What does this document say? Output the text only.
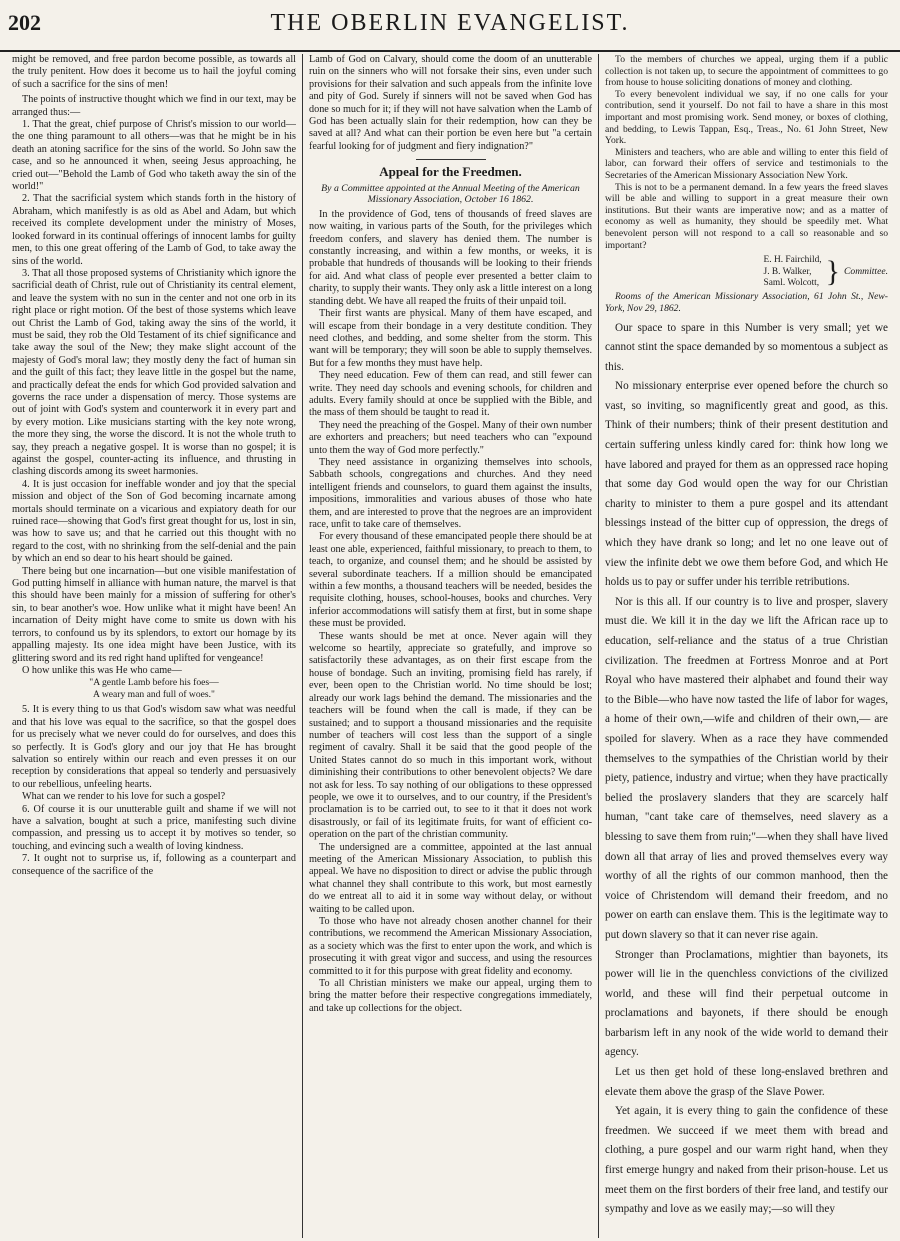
202	THE OBERLIN EVANGELIST.

might be removed, and free pardon become possible, as towards all the truly penitent. How does it become us to hail the joyful coming of such a sacrifice for the sins of men!

The points of instructive thought which we find in our text, may be arranged thus:—

1. That the great, chief purpose of Christ's mission to our world—the one thing paramount to all others—was that he might be in his death an atoning sacrifice for the sins of the world. So John saw the case, and so he announced it when, seeing Jesus approaching, he cried out—"Behold the Lamb of God who taketh away the sin of the world!"

2. That the sacrificial system which stands forth in the history of Abraham, which manifestly is as old as Abel and Adam, but which received its complete development under the ministry of Moses, looked forward in its continual offerings of innocent lambs for guilty men, to this one great offering of the Lamb of God, to take away the sins of the world.

3. That all those proposed systems of Christianity which ignore the sacrificial death of Christ, rule out of Christianity its central element, and leave the system with no sun in the center and not one orb in its right place or right motion. Of the best of those systems which leave out Christ the Lamb of God, taking away the sins of the world, it must be said, they rob the Old Testament of its chief significance and take away the soul of the New; they make slight account of the majesty of God's moral law; they mostly deny the fact of human sin and the guilt of this fact; they leave little in the gospel but the name, and practically defeat the ends for which God provided salvation and governs the race under a dispensation of mercy. Those systems are out of joint with God's system and counterwork it in every part and by every motion. Like musicians starting with the key note wrong, the more they sing, the worse the discord. It is not the whole truth to say, they preach a negative gospel. It is worse than no gospel; it is against the gospel, counter-acting its influence, and thrusting in clashing discords among its sweet harmonies.

4. It is just occasion for ineffable wonder and joy that the special mission and object of the Son of God becoming incarnate among mortals should terminate on a vicarious and expiatory death for our ruined race—showing that God's first great thought for us, lost in sin, was how to save us; and that he carried out this thought with no regard to the cost, with no shrinking from the self-denial and the pain by which an end so dear to his heart should be gained.

There being but one incarnation—but one visible manifestation of God putting himself in alliance with human nature, the marvel is that this should have been mainly for a mission of suffering for other's sin, to bear another's woe. How unlike what it might have been! An incarnation of Deity might have come to smite us down with his terrors, to confound us by its splendors, to extort our homage by its appalling majesty. Its one idea might have been Justice, with its glittering sword and its red right hand uplifted for vengeance!

O how unlike this was He who came—

"A gentle Lamb before his foes—
A weary man and full of woes."

5. It is every thing to us that God's wisdom saw what was needful and that his love was equal to the sacrifice, so that the gospel does for us precisely what we never could do for ourselves, and does this so perfectly. It is God's glory and our joy that He has brought salvation so entirely within our reach and even presses it on our reception by considerations that appeal so tenderly and persuasively to our rebellious, unfeeling hearts.

What can we render to his love for such a gospel?

6. Of course it is our unutterable guilt and shame if we will not have a salvation, bought at such a price, manifesting such divine compassion, and pressing us to accept it by motives so tender, so touching, and evincing such a wealth of loving kindness.

7. It ought not to surprise us, if, following as a counterpart and consequence of the sacrifice of the

Lamb of God on Calvary, should come the doom of an unutterable ruin on the sinners who will not forsake their sins, even under such provisions for their salvation and such appeals from the infinite love and pity of God. Surely if sinners will not be saved when God has done so much for it; if they will not have salvation when the Lamb of God has been actually slain for their redemption, how can they be saved at all? And what can their portion be even here but "a certain fearful looking for of judgment and fiery indignation?"

Appeal for the Freedmen.
By a Committee appointed at the Annual Meeting of the American Missionary Association, October 16 1862.

In the providence of God, tens of thousands of freed slaves are now waiting, in various parts of the South, for the privileges which freedom confers, and slavery has denied them. The number is constantly increasing, and within a few months, or weeks, it is probable that hundreds of thousands will be looking to their friends for aid. And what class of people ever presented a better claim to charity, to supply their wants. They only ask a little interest on a long standing debt. We have all reaped the fruits of their unpaid toil.

Their first wants are physical. Many of them have escaped, and will escape from their bondage in a very destitute condition. They need clothes, and bedding, and some shelter from the storm. This want will be temporary; they will soon be able to supply themselves. But for a few months they must have help.

They need education. Few of them can read, and still fewer can write. They need day schools and evening schools, for children and adults. Every family should at once be supplied with the Bible, and the mass of them should be taught to read it.

They need the preaching of the Gospel. Many of their own number are exhorters and preachers; but need teachers who can "expound unto them the way of God more perfectly."

They need assistance in organizing themselves into schools, Sabbath schools, congregations and churches. And they need intelligent friends and counselors, to guard them against the insults, impositions, immoralities and various abuses of those who hate them, and are interested to prove that the negroes are an improvident race, unfit to take care of themselves.

For every thousand of these emancipated people there should be at least one able, experienced, faithful missionary, to preach to them, to teach, to organize, and counsel them; and he should be assisted by several subordinate teachers. If a million should be emancipated within a few months, a thousand teachers will be needed, besides the requisite clothing, houses, school-houses, books and churches. Very inferior accommodations will satisfy them at first, but in some shape these must be provided.

These wants should be met at once. Never again will they welcome so heartily, appreciate so gratefully, and improve so satisfactorily these advantages, as on their first escape from the house of bondage. Such an inviting, promising field has rarely, if ever, been open to the Christian world. No time should be lost; already our work lags behind the demand. The missionaries and the teachers will be found when the call is made, if they can be sustained; and to support a thousand missionaries and the requisite number of teachers will cost less than the support of a single regiment of cavalry. Shall it be said that the good people of the United States cannot do so much in this important work, without diminishing their contributions to other benevolent objects? We dare not ask for less. To say nothing of our obligations to these oppressed people, we owe it to ourselves, and to our country, if the President's proclamation is to be carried out, to see to it that it does not work disastrously, or fail of its legitimate fruits, for want of efficient co-operation on the part of the christian community.

The undersigned are a committee, appointed at the last annual meeting of the American Missionary Association, to publish this appeal. We have no disposition to direct or advise the public through what channel they shall contribute to this work, but most earnestly do we entreat all to aid it in some way without delay, or without waiting to be called upon.

To those who have not already chosen another channel for their contributions, we recommend the American Missionary Association, as a society which was the first to enter upon the work, and which is prosecuting it with great vigor and success, and using the resources committed to it for this purpose with great fidelity and economy.

To all Christian ministers we make our appeal, urging them to bring the matter before their respective congregations immediately, and take up collections for the object.

To the members of churches we appeal, urging them if a public collection is not taken up, to secure the appointment of committees to go from house to house soliciting donations of money and clothing.

To every benevolent individual we say, if no one calls for your contribution, send it yourself. Do not fail to have a share in this most important and most promising work. Send money, or boxes of clothing, and bedding, to Lewis Tappan, Esq., Treas., No. 61 John Street, New York.

Ministers and teachers, who are able and willing to enter this field of labor, can forward their offers of service and testimonials to the Secretaries of the American Missionary Association New York.

This is not to be a permanent demand. In a few years the freed slaves will be able and willing to support in a great measure their own institutions. But their wants are imperative now; and as a matter of economy as well as humanity, they should be speedily met. What benevolent person will not respond to a call so reasonable and so important?

E. H. Fairchild,
J. B. Walker,
Saml. Wolcott, } Committee.
Rooms of the American Missionary Association, 61 John St., New-York, Nov 29, 1862.

Our space to spare in this Number is very small; yet we cannot stint the space demanded by so momentous a subject as this.

No missionary enterprise ever opened before the church so vast, so inviting, so magnificently great and good, as this. Think of their numbers; think of their present destitution and certain suffering unless kindly cared for: think how long we have labored and prayed for them as an oppressed race hoping that some day God would open the way for our Christian charity to minister to them a pure gospel and its attendant blessings instead of the bitter cup of oppression, the dregs of which they have drank so long; and let no one leave out of view the infinite debt we owe them before God, and which He holds us to pay or suffer under his terrible retributions.

Nor is this all. If our country is to live and prosper, slavery must die. We kill it in the day we lift the African race up to education, self-reliance and the status of a true Christian civilization. The freedmen at Fortress Monroe and at Port Royal who have mastered their alphabet and found their way to the Bible—who have now tasted the life of labor for wages, a home of their own,—wife and children of their own,— are spoiled for slavery. When as a race they have commended themselves to the sympathies of the Christian world by their piety, patience, industry and virtue; when they have practically belied the proslavery slanders that they are scarcely half human, "cant take care of themselves, need slavery as a blessing to save them from ruin;"—when they shall have lived down all that array of lies and proved themselves every way worthy of all the rights of our common manhood, then the voice of Christendom will demand their freedom, and no power on earth can enslave them. This is the legitimate way to put down slavery so that it can never rise again.

Stronger than Proclamations, mightier than bayonets, its power will lie in the quenchless convictions of the civilized world, and these will find their perpetual outcome in proclamations and bayonets, if there should be enough barbarism left in any nook of the wide world to demand their agency.

Let us then get hold of these long-enslaved brethren and elevate them above the grasp of the Slave Power.

Yet again, it is every thing to gain the confidence of these freedmen. We succeed if we meet them with bread and clothing, a pure gospel and our warm right hand, when they first emerge hungry and naked from their prison-house. Let us meet them on the first borders of their free land, and testify our sympathy and love as we easily may;—so will they
